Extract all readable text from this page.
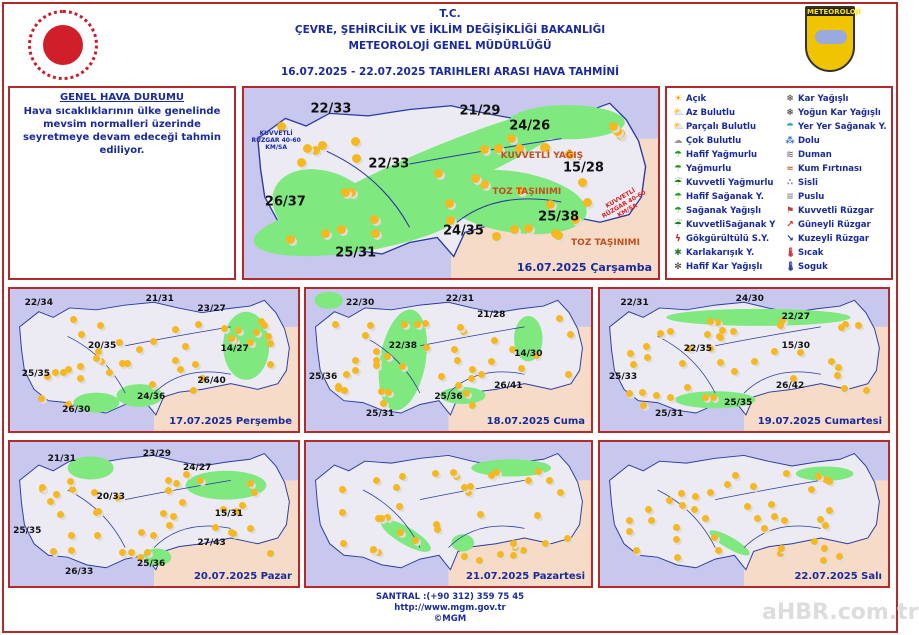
T.C.
ÇEVRE, ŞEHİRCİLİK VE İKLİM DEĞİŞİKLİĞİ BAKANLIĞI
METEOROLOJİ GENEL MÜDÜRLÜĞÜ
16.07.2025 - 22.07.2025 TARIHLERI ARASI HAVA TAHMİNİ
METEOROLOJİ
GENEL HAVA DURUMU

Hava sıcaklıklarının ülke genelinde mevsim normalleri üzerinde seyretmeye devam edeceği tahmin ediliyor.

22/33	21/29
24/26
22/33	15/28
26/37
25/38
24/35
25/31
16.07.2025 Çarşamba
KUVVETLİ YAĞIŞ
TOZ TAŞINIMI
TOZ TAŞINIMI
KUVVETLİ RÜZGAR 40-60 KM/SA
KUVVETLİ RÜZGAR 40-60 KM/SA
☀ Açık
⛅ Az Bulutlu
⛅ Parçalı Bulutlu
☁ Çok Bulutlu
☂ Hafif Yağmurlu
☂ Yağmurlu
☔ Kuvvetli Yağmurlu
☂ Hafif Sağanak Y.
☂ Sağanak Yağışlı
☔ KuvvetliSağanak Y
ϟ Gökgürültülü S.Y.
✱ Karlakarışık Y.
✻ Hafif Kar Yağışlı
❄ Kar Yağışlı
❄ Yoğun Kar Yağışlı
☂ Yer Yer Sağanak Y.
⁂ Dolu
≋ Duman
≈ Kum Fırtınası
∴ Sisli
≡ Puslu
⚑ Kuvvetli Rüzgar
↗ Güneyli Rüzgar
↘ Kuzeyli Rüzgar
🌡 Sıcak
🌡 Soguk
22/34	21/31
23/27
20/35	14/27
25/35
26/40
24/36
26/30
17.07.2025 Perşembe
22/30	22/31
21/28
22/38
14/30
25/36
26/41
25/36
25/31
18.07.2025 Cuma
22/31	24/30
22/27
22/35	15/30
25/33
26/42
25/35
25/31
19.07.2025 Cumartesi
21/31
23/29
24/27
20/33
15/31
25/35
27/43
25/36
26/33	20.07.2025 Pazar	21.07.2025 Pazartesi	22.07.2025 Salı
SANTRAL :(+90 312) 359 75 45
http://www.mgm.gov.tr
©MGM	aHBR.com.tr
